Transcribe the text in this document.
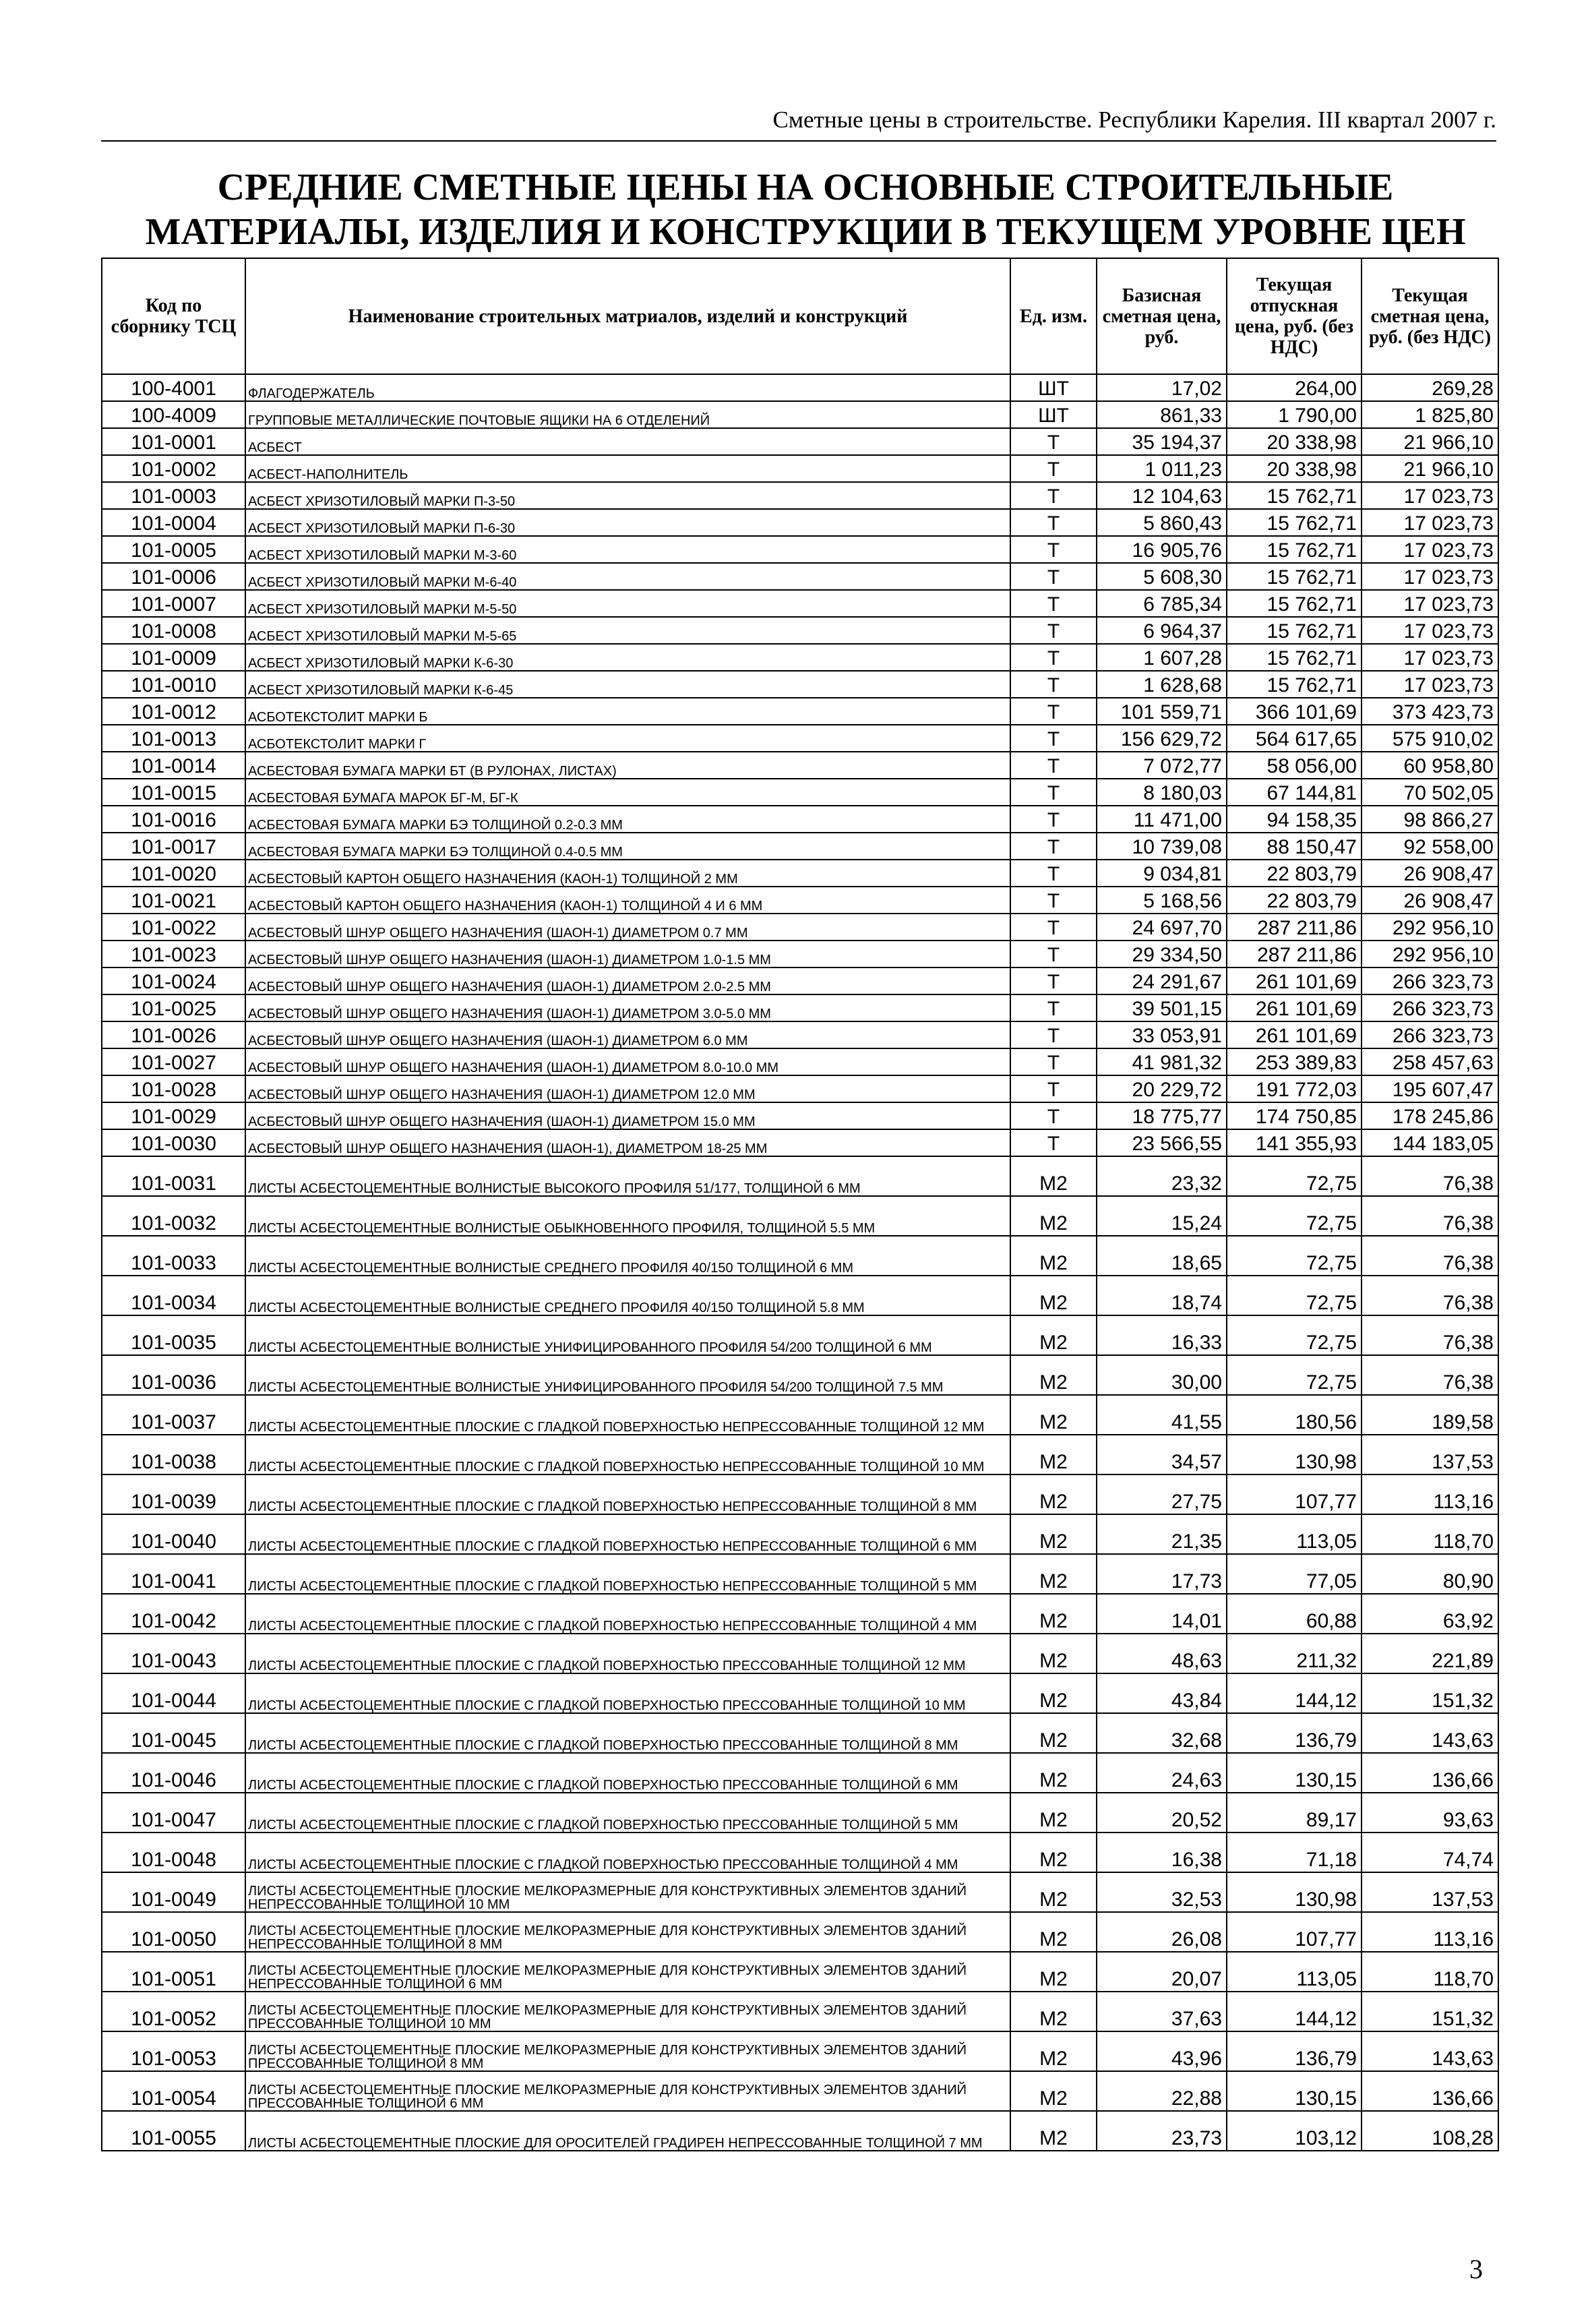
Сметные цены в строительстве. Республики Карелия. III квартал 2007 г.
СРЕДНИЕ СМЕТНЫЕ ЦЕНЫ НА ОСНОВНЫЕ СТРОИТЕЛЬНЫЕ МАТЕРИАЛЫ, ИЗДЕЛИЯ И КОНСТРУКЦИИ В ТЕКУЩЕМ УРОВНЕ ЦЕН
Код по сборнику ТСЦ	Наименование строительных матриалов, изделий и конструкций	Ед. изм.	Базисная сметная цена, руб.	Текущая отпускная цена, руб. (без НДС)	Текущая сметная цена, руб. (без НДС)
100-4001	ФЛАГОДЕРЖАТЕЛЬ	ШТ	17,02	264,00	269,28
100-4009	ГРУППОВЫЕ МЕТАЛЛИЧЕСКИЕ ПОЧТОВЫЕ ЯЩИКИ НА 6 ОТДЕЛЕНИЙ	ШТ	861,33	1 790,00	1 825,80
101-0001	АСБЕСТ	Т	35 194,37	20 338,98	21 966,10
101-0002	АСБЕСТ-НАПОЛНИТЕЛЬ	Т	1 011,23	20 338,98	21 966,10
101-0003	АСБЕСТ ХРИЗОТИЛОВЫЙ МАРКИ П-3-50	Т	12 104,63	15 762,71	17 023,73
101-0004	АСБЕСТ ХРИЗОТИЛОВЫЙ МАРКИ П-6-30	Т	5 860,43	15 762,71	17 023,73
101-0005	АСБЕСТ ХРИЗОТИЛОВЫЙ МАРКИ М-3-60	Т	16 905,76	15 762,71	17 023,73
101-0006	АСБЕСТ ХРИЗОТИЛОВЫЙ МАРКИ М-6-40	Т	5 608,30	15 762,71	17 023,73
101-0007	АСБЕСТ ХРИЗОТИЛОВЫЙ МАРКИ М-5-50	Т	6 785,34	15 762,71	17 023,73
101-0008	АСБЕСТ ХРИЗОТИЛОВЫЙ МАРКИ М-5-65	Т	6 964,37	15 762,71	17 023,73
101-0009	АСБЕСТ ХРИЗОТИЛОВЫЙ МАРКИ К-6-30	Т	1 607,28	15 762,71	17 023,73
101-0010	АСБЕСТ ХРИЗОТИЛОВЫЙ МАРКИ К-6-45	Т	1 628,68	15 762,71	17 023,73
101-0012	АСБОТЕКСТОЛИТ МАРКИ Б	Т	101 559,71	366 101,69	373 423,73
101-0013	АСБОТЕКСТОЛИТ МАРКИ Г	Т	156 629,72	564 617,65	575 910,02
101-0014	АСБЕСТОВАЯ БУМАГА МАРКИ БТ (В РУЛОНАХ, ЛИСТАХ)	Т	7 072,77	58 056,00	60 958,80
101-0015	АСБЕСТОВАЯ БУМАГА МАРОК БГ-М, БГ-К	Т	8 180,03	67 144,81	70 502,05
101-0016	АСБЕСТОВАЯ БУМАГА МАРКИ БЭ ТОЛЩИНОЙ 0.2-0.3 ММ	Т	11 471,00	94 158,35	98 866,27
101-0017	АСБЕСТОВАЯ БУМАГА МАРКИ БЭ ТОЛЩИНОЙ 0.4-0.5 ММ	Т	10 739,08	88 150,47	92 558,00
101-0020	АСБЕСТОВЫЙ КАРТОН ОБЩЕГО НАЗНАЧЕНИЯ (КАОН-1) ТОЛЩИНОЙ 2 ММ	Т	9 034,81	22 803,79	26 908,47
101-0021	АСБЕСТОВЫЙ КАРТОН ОБЩЕГО НАЗНАЧЕНИЯ (КАОН-1) ТОЛЩИНОЙ 4 И 6 ММ	Т	5 168,56	22 803,79	26 908,47
101-0022	АСБЕСТОВЫЙ ШНУР ОБЩЕГО НАЗНАЧЕНИЯ (ШАОН-1) ДИАМЕТРОМ 0.7 ММ	Т	24 697,70	287 211,86	292 956,10
101-0023	АСБЕСТОВЫЙ ШНУР ОБЩЕГО НАЗНАЧЕНИЯ (ШАОН-1) ДИАМЕТРОМ 1.0-1.5 ММ	Т	29 334,50	287 211,86	292 956,10
101-0024	АСБЕСТОВЫЙ ШНУР ОБЩЕГО НАЗНАЧЕНИЯ (ШАОН-1) ДИАМЕТРОМ 2.0-2.5 ММ	Т	24 291,67	261 101,69	266 323,73
101-0025	АСБЕСТОВЫЙ ШНУР ОБЩЕГО НАЗНАЧЕНИЯ (ШАОН-1) ДИАМЕТРОМ 3.0-5.0 ММ	Т	39 501,15	261 101,69	266 323,73
101-0026	АСБЕСТОВЫЙ ШНУР ОБЩЕГО НАЗНАЧЕНИЯ (ШАОН-1) ДИАМЕТРОМ 6.0 ММ	Т	33 053,91	261 101,69	266 323,73
101-0027	АСБЕСТОВЫЙ ШНУР ОБЩЕГО НАЗНАЧЕНИЯ (ШАОН-1) ДИАМЕТРОМ 8.0-10.0 ММ	Т	41 981,32	253 389,83	258 457,63
101-0028	АСБЕСТОВЫЙ ШНУР ОБЩЕГО НАЗНАЧЕНИЯ (ШАОН-1) ДИАМЕТРОМ 12.0 ММ	Т	20 229,72	191 772,03	195 607,47
101-0029	АСБЕСТОВЫЙ ШНУР ОБЩЕГО НАЗНАЧЕНИЯ (ШАОН-1) ДИАМЕТРОМ 15.0 ММ	Т	18 775,77	174 750,85	178 245,86
101-0030	АСБЕСТОВЫЙ ШНУР ОБЩЕГО НАЗНАЧЕНИЯ (ШАОН-1), ДИАМЕТРОМ 18-25 ММ	Т	23 566,55	141 355,93	144 183,05
101-0031	ЛИСТЫ АСБЕСТОЦЕМЕНТНЫЕ ВОЛНИСТЫЕ ВЫСОКОГО ПРОФИЛЯ 51/177, ТОЛЩИНОЙ 6 ММ	М2	23,32	72,75	76,38
101-0032	ЛИСТЫ АСБЕСТОЦЕМЕНТНЫЕ ВОЛНИСТЫЕ ОБЫКНОВЕННОГО ПРОФИЛЯ, ТОЛЩИНОЙ 5.5 ММ	М2	15,24	72,75	76,38
101-0033	ЛИСТЫ АСБЕСТОЦЕМЕНТНЫЕ ВОЛНИСТЫЕ СРЕДНЕГО ПРОФИЛЯ 40/150 ТОЛЩИНОЙ 6 ММ	М2	18,65	72,75	76,38
101-0034	ЛИСТЫ АСБЕСТОЦЕМЕНТНЫЕ ВОЛНИСТЫЕ СРЕДНЕГО ПРОФИЛЯ 40/150 ТОЛЩИНОЙ 5.8 ММ	М2	18,74	72,75	76,38
101-0035	ЛИСТЫ АСБЕСТОЦЕМЕНТНЫЕ ВОЛНИСТЫЕ УНИФИЦИРОВАННОГО ПРОФИЛЯ 54/200 ТОЛЩИНОЙ 6 ММ	М2	16,33	72,75	76,38
101-0036	ЛИСТЫ АСБЕСТОЦЕМЕНТНЫЕ ВОЛНИСТЫЕ УНИФИЦИРОВАННОГО ПРОФИЛЯ 54/200 ТОЛЩИНОЙ 7.5 ММ	М2	30,00	72,75	76,38
101-0037	ЛИСТЫ АСБЕСТОЦЕМЕНТНЫЕ ПЛОСКИЕ С ГЛАДКОЙ ПОВЕРХНОСТЬЮ НЕПРЕССОВАННЫЕ ТОЛЩИНОЙ 12 ММ	М2	41,55	180,56	189,58
101-0038	ЛИСТЫ АСБЕСТОЦЕМЕНТНЫЕ ПЛОСКИЕ С ГЛАДКОЙ ПОВЕРХНОСТЬЮ НЕПРЕССОВАННЫЕ ТОЛЩИНОЙ 10 ММ	М2	34,57	130,98	137,53
101-0039	ЛИСТЫ АСБЕСТОЦЕМЕНТНЫЕ ПЛОСКИЕ С ГЛАДКОЙ ПОВЕРХНОСТЬЮ НЕПРЕССОВАННЫЕ ТОЛЩИНОЙ 8 ММ	М2	27,75	107,77	113,16
101-0040	ЛИСТЫ АСБЕСТОЦЕМЕНТНЫЕ ПЛОСКИЕ С ГЛАДКОЙ ПОВЕРХНОСТЬЮ НЕПРЕССОВАННЫЕ ТОЛЩИНОЙ 6 ММ	М2	21,35	113,05	118,70
101-0041	ЛИСТЫ АСБЕСТОЦЕМЕНТНЫЕ ПЛОСКИЕ С ГЛАДКОЙ ПОВЕРХНОСТЬЮ НЕПРЕССОВАННЫЕ ТОЛЩИНОЙ 5 ММ	М2	17,73	77,05	80,90
101-0042	ЛИСТЫ АСБЕСТОЦЕМЕНТНЫЕ ПЛОСКИЕ С ГЛАДКОЙ ПОВЕРХНОСТЬЮ НЕПРЕССОВАННЫЕ ТОЛЩИНОЙ 4 ММ	М2	14,01	60,88	63,92
101-0043	ЛИСТЫ АСБЕСТОЦЕМЕНТНЫЕ ПЛОСКИЕ С ГЛАДКОЙ ПОВЕРХНОСТЬЮ ПРЕССОВАННЫЕ ТОЛЩИНОЙ 12 ММ	М2	48,63	211,32	221,89
101-0044	ЛИСТЫ АСБЕСТОЦЕМЕНТНЫЕ ПЛОСКИЕ С ГЛАДКОЙ ПОВЕРХНОСТЬЮ ПРЕССОВАННЫЕ ТОЛЩИНОЙ 10 ММ	М2	43,84	144,12	151,32
101-0045	ЛИСТЫ АСБЕСТОЦЕМЕНТНЫЕ ПЛОСКИЕ С ГЛАДКОЙ ПОВЕРХНОСТЬЮ ПРЕССОВАННЫЕ ТОЛЩИНОЙ 8 ММ	М2	32,68	136,79	143,63
101-0046	ЛИСТЫ АСБЕСТОЦЕМЕНТНЫЕ ПЛОСКИЕ С ГЛАДКОЙ ПОВЕРХНОСТЬЮ ПРЕССОВАННЫЕ ТОЛЩИНОЙ 6 ММ	М2	24,63	130,15	136,66
101-0047	ЛИСТЫ АСБЕСТОЦЕМЕНТНЫЕ ПЛОСКИЕ С ГЛАДКОЙ ПОВЕРХНОСТЬЮ ПРЕССОВАННЫЕ ТОЛЩИНОЙ 5 ММ	М2	20,52	89,17	93,63
101-0048	ЛИСТЫ АСБЕСТОЦЕМЕНТНЫЕ ПЛОСКИЕ С ГЛАДКОЙ ПОВЕРХНОСТЬЮ ПРЕССОВАННЫЕ ТОЛЩИНОЙ 4 ММ	М2	16,38	71,18	74,74
101-0049	ЛИСТЫ АСБЕСТОЦЕМЕНТНЫЕ ПЛОСКИЕ МЕЛКОРАЗМЕРНЫЕ ДЛЯ КОНСТРУКТИВНЫХ ЭЛЕМЕНТОВ ЗДАНИЙ НЕПРЕССОВАННЫЕ ТОЛЩИНОЙ 10 ММ	М2	32,53	130,98	137,53
101-0050	ЛИСТЫ АСБЕСТОЦЕМЕНТНЫЕ ПЛОСКИЕ МЕЛКОРАЗМЕРНЫЕ ДЛЯ КОНСТРУКТИВНЫХ ЭЛЕМЕНТОВ ЗДАНИЙ НЕПРЕССОВАННЫЕ ТОЛЩИНОЙ 8 ММ	М2	26,08	107,77	113,16
101-0051	ЛИСТЫ АСБЕСТОЦЕМЕНТНЫЕ ПЛОСКИЕ МЕЛКОРАЗМЕРНЫЕ ДЛЯ КОНСТРУКТИВНЫХ ЭЛЕМЕНТОВ ЗДАНИЙ НЕПРЕССОВАННЫЕ ТОЛЩИНОЙ 6 ММ	М2	20,07	113,05	118,70
101-0052	ЛИСТЫ АСБЕСТОЦЕМЕНТНЫЕ ПЛОСКИЕ МЕЛКОРАЗМЕРНЫЕ ДЛЯ КОНСТРУКТИВНЫХ ЭЛЕМЕНТОВ ЗДАНИЙ ПРЕССОВАННЫЕ ТОЛЩИНОЙ 10 ММ	М2	37,63	144,12	151,32
101-0053	ЛИСТЫ АСБЕСТОЦЕМЕНТНЫЕ ПЛОСКИЕ МЕЛКОРАЗМЕРНЫЕ ДЛЯ КОНСТРУКТИВНЫХ ЭЛЕМЕНТОВ ЗДАНИЙ ПРЕССОВАННЫЕ ТОЛЩИНОЙ 8 ММ	М2	43,96	136,79	143,63
101-0054	ЛИСТЫ АСБЕСТОЦЕМЕНТНЫЕ ПЛОСКИЕ МЕЛКОРАЗМЕРНЫЕ ДЛЯ КОНСТРУКТИВНЫХ ЭЛЕМЕНТОВ ЗДАНИЙ ПРЕССОВАННЫЕ ТОЛЩИНОЙ 6 ММ	М2	22,88	130,15	136,66
101-0055	ЛИСТЫ АСБЕСТОЦЕМЕНТНЫЕ ПЛОСКИЕ ДЛЯ ОРОСИТЕЛЕЙ ГРАДИРЕН НЕПРЕССОВАННЫЕ ТОЛЩИНОЙ 7 ММ	М2	23,73	103,12	108,28
3
